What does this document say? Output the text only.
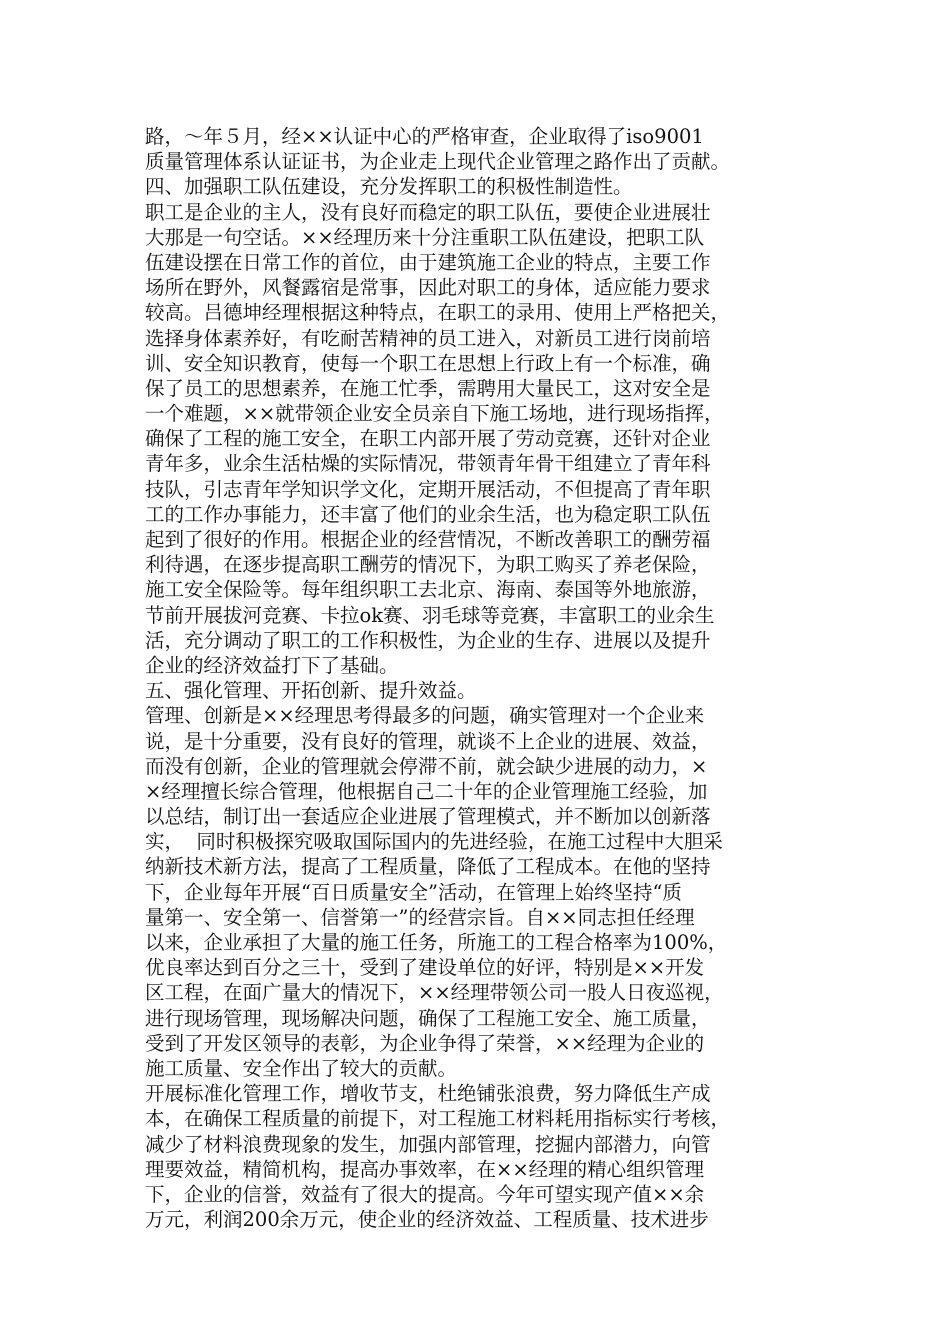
路，～年５月，经××认证中心的严格审查，企业取得了iso9001
质量管理体系认证证书，为企业走上现代企业管理之路作出了贡献。
四、加强职工队伍建设，充分发挥职工的积极性制造性。
职工是企业的主人，没有良好而稳定的职工队伍，要使企业进展壮
大那是一句空话。××经理历来十分注重职工队伍建设，把职工队
伍建设摆在日常工作的首位，由于建筑施工企业的特点，主要工作
场所在野外，风餐露宿是常事，因此对职工的身体，适应能力要求
较高。吕德坤经理根据这种特点，在职工的录用、使用上严格把关，
选择身体素养好，有吃耐苦精神的员工进入，对新员工进行岗前培
训、安全知识教育，使每一个职工在思想上行政上有一个标准，确
保了员工的思想素养，在施工忙季，需聘用大量民工，这对安全是
一个难题，××就带领企业安全员亲自下施工场地，进行现场指挥，
确保了工程的施工安全，在职工内部开展了劳动竞赛，还针对企业
青年多，业余生活枯燥的实际情况，带领青年骨干组建立了青年科
技队，引志青年学知识学文化，定期开展活动，不但提高了青年职
工的工作办事能力，还丰富了他们的业余生活，也为稳定职工队伍
起到了很好的作用。根据企业的经营情况，不断改善职工的酬劳福
利待遇，在逐步提高职工酬劳的情况下，为职工购买了养老保险，
施工安全保险等。每年组织职工去北京、海南、泰国等外地旅游，
节前开展拔河竞赛、卡拉ok赛、羽毛球等竞赛，丰富职工的业余生
活，充分调动了职工的工作积极性，为企业的生存、进展以及提升
企业的经济效益打下了基础。
五、强化管理、开拓创新、提升效益。
管理、创新是××经理思考得最多的问题，确实管理对一个企业来
说，是十分重要，没有良好的管理，就谈不上企业的进展、效益，
而没有创新，企业的管理就会停滞不前，就会缺少进展的动力，×
×经理擅长综合管理，他根据自己二十年的企业管理施工经验，加
以总结，制订出一套适应企业进展了管理模式，并不断加以创新落
实，  同时积极探究吸取国际国内的先进经验，在施工过程中大胆采
纳新技术新方法，提高了工程质量，降低了工程成本。在他的坚持
下，企业每年开展“百日质量安全”活动，在管理上始终坚持“质
量第一、安全第一、信誉第一”的经营宗旨。自××同志担任经理
以来，企业承担了大量的施工任务，所施工的工程合格率为100%，
优良率达到百分之三十，受到了建设单位的好评，特别是××开发
区工程，在面广量大的情况下，××经理带领公司一股人日夜巡视，
进行现场管理，现场解决问题，确保了工程施工安全、施工质量，
受到了开发区领导的表彰，为企业争得了荣誉，××经理为企业的
施工质量、安全作出了较大的贡献。
开展标准化管理工作，增收节支，杜绝铺张浪费，努力降低生产成
本，在确保工程质量的前提下，对工程施工材料耗用指标实行考核，
减少了材料浪费现象的发生，加强内部管理，挖掘内部潜力，向管
理要效益，精简机构，提高办事效率，在××经理的精心组织管理
下，企业的信誉，效益有了很大的提高。今年可望实现产值××余
万元，利润200余万元，使企业的经济效益、工程质量、技术进步
